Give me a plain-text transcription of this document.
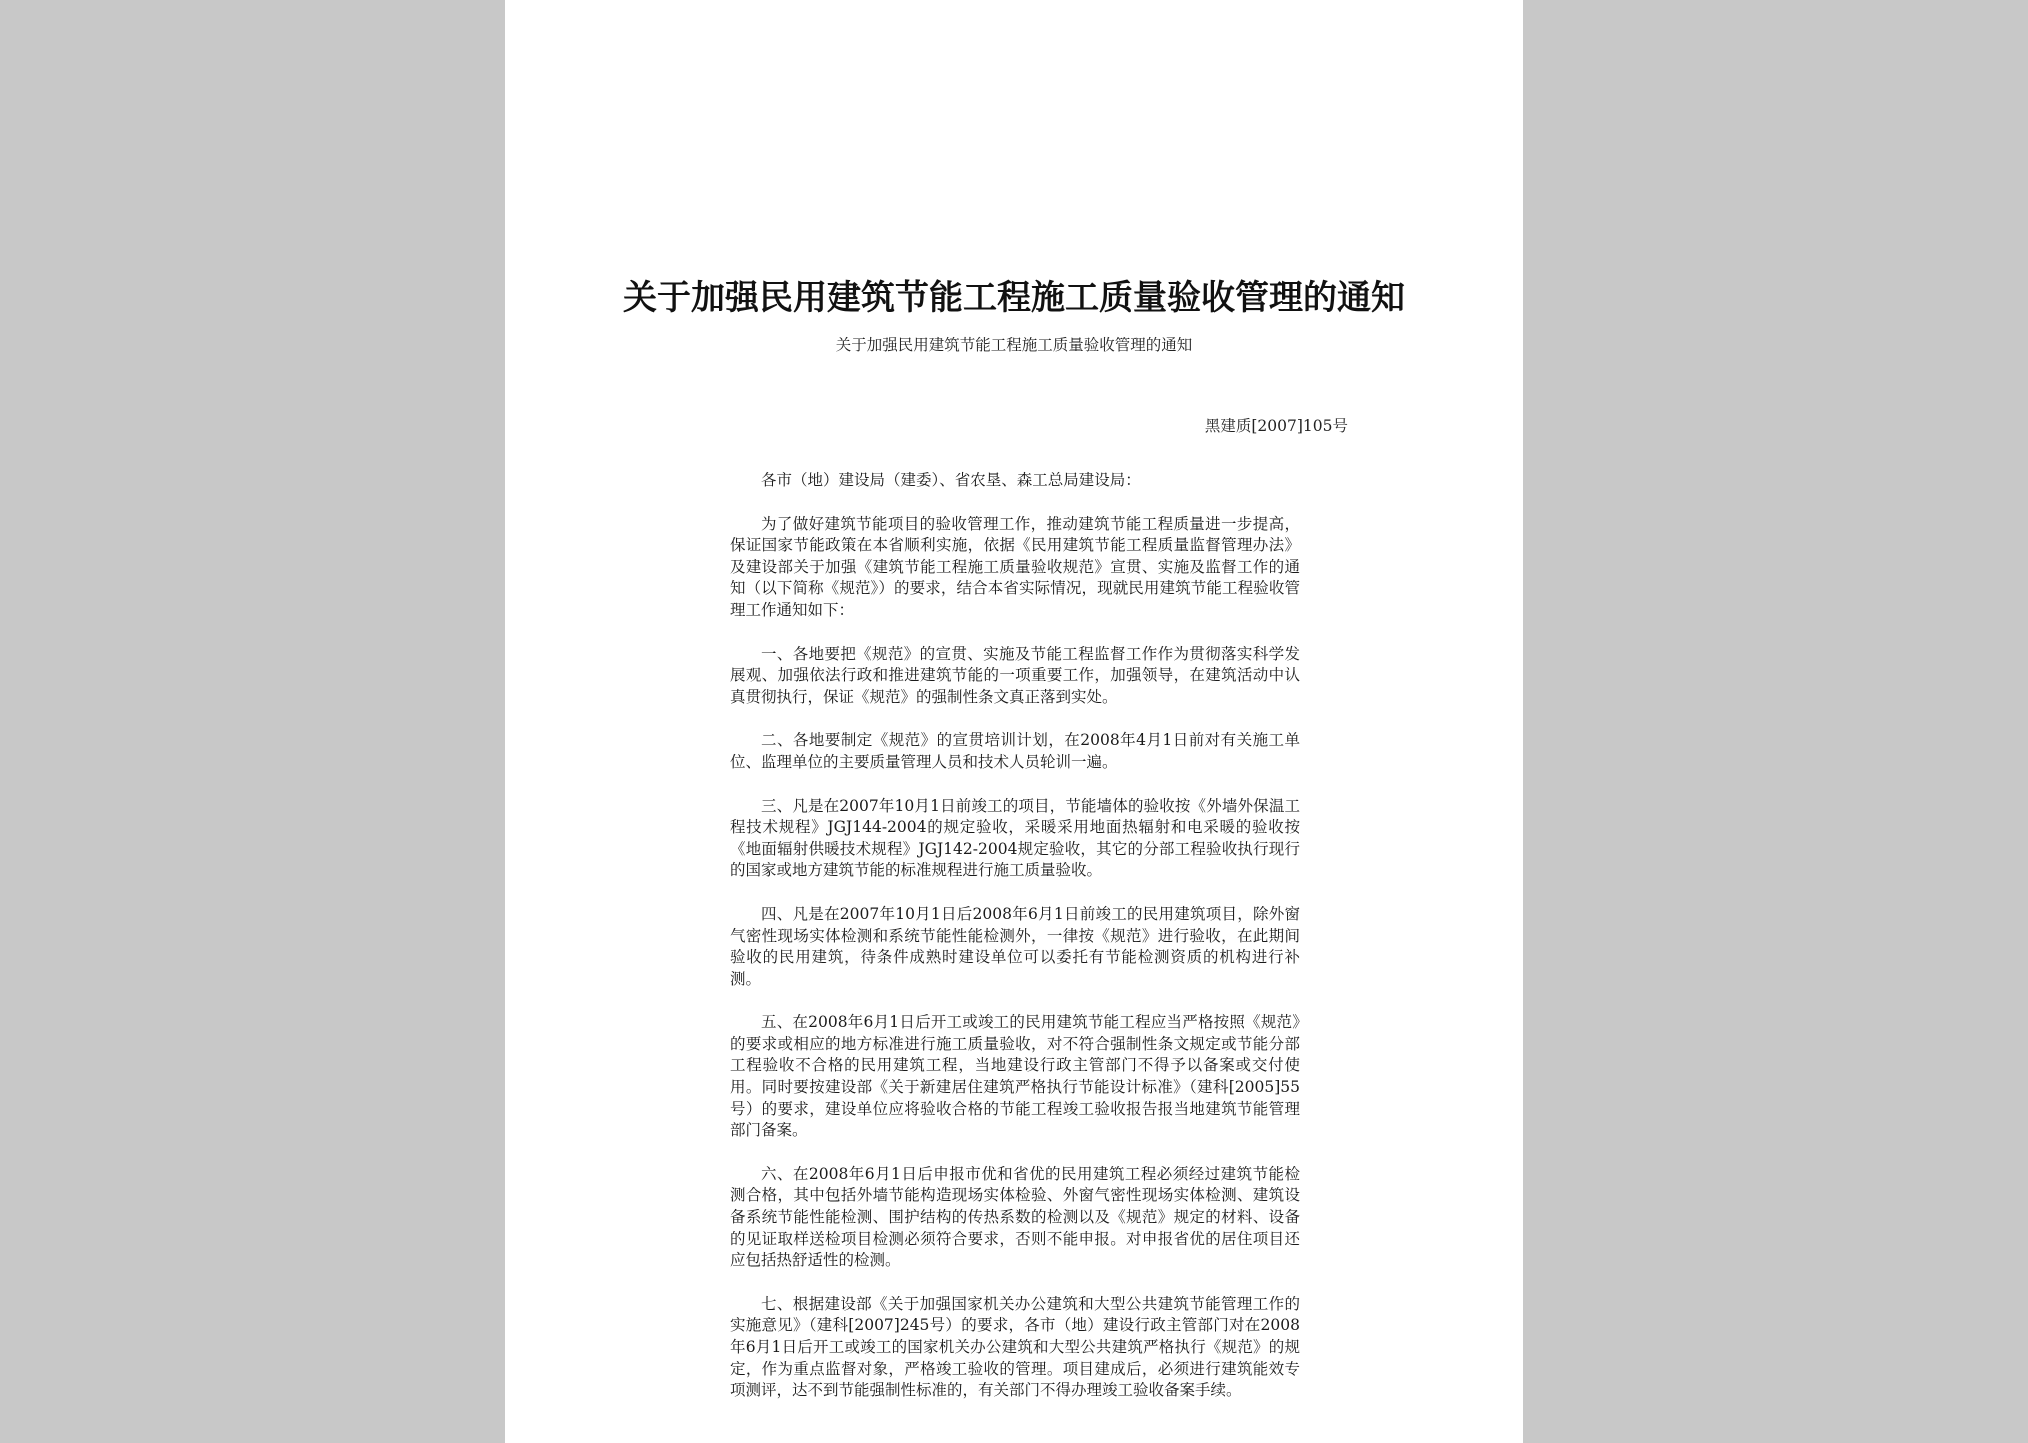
关于加强民用建筑节能工程施工质量验收管理的通知
关于加强民用建筑节能工程施工质量验收管理的通知
黑建质[2007]105号

各市（地）建设局（建委）、省农垦、森工总局建设局：

为了做好建筑节能项目的验收管理工作，推动建筑节能工程质量进一步提高，保证国家节能政策在本省顺利实施，依据《民用建筑节能工程质量监督管理办法》及建设部关于加强《建筑节能工程施工质量验收规范》宣贯、实施及监督工作的通知（以下简称《规范》）的要求，结合本省实际情况，现就民用建筑节能工程验收管理工作通知如下：

一、各地要把《规范》的宣贯、实施及节能工程监督工作作为贯彻落实科学发展观、加强依法行政和推进建筑节能的一项重要工作，加强领导，在建筑活动中认真贯彻执行，保证《规范》的强制性条文真正落到实处。

二、各地要制定《规范》的宣贯培训计划，在2008年4月1日前对有关施工单位、监理单位的主要质量管理人员和技术人员轮训一遍。

三、凡是在2007年10月1日前竣工的项目，节能墙体的验收按《外墙外保温工程技术规程》JGJ144-2004的规定验收，采暖采用地面热辐射和电采暖的验收按《地面辐射供暖技术规程》JGJ142-2004规定验收，其它的分部工程验收执行现行的国家或地方建筑节能的标准规程进行施工质量验收。

四、凡是在2007年10月1日后2008年6月1日前竣工的民用建筑项目，除外窗气密性现场实体检测和系统节能性能检测外，一律按《规范》进行验收，在此期间验收的民用建筑，待条件成熟时建设单位可以委托有节能检测资质的机构进行补测。

五、在2008年6月1日后开工或竣工的民用建筑节能工程应当严格按照《规范》的要求或相应的地方标准进行施工质量验收，对不符合强制性条文规定或节能分部工程验收不合格的民用建筑工程，当地建设行政主管部门不得予以备案或交付使用。同时要按建设部《关于新建居住建筑严格执行节能设计标准》（建科[2005]55号）的要求，建设单位应将验收合格的节能工程竣工验收报告报当地建筑节能管理部门备案。

六、在2008年6月1日后申报市优和省优的民用建筑工程必须经过建筑节能检测合格，其中包括外墙节能构造现场实体检验、外窗气密性现场实体检测、建筑设备系统节能性能检测、围护结构的传热系数的检测以及《规范》规定的材料、设备的见证取样送检项目检测必须符合要求，否则不能申报。对申报省优的居住项目还应包括热舒适性的检测。

七、根据建设部《关于加强国家机关办公建筑和大型公共建筑节能管理工作的实施意见》（建科[2007]245号）的要求，各市（地）建设行政主管部门对在2008年6月1日后开工或竣工的国家机关办公建筑和大型公共建筑严格执行《规范》的规定，作为重点监督对象，严格竣工验收的管理。项目建成后，必须进行建筑能效专项测评，达不到节能强制性标准的，有关部门不得办理竣工验收备案手续。
